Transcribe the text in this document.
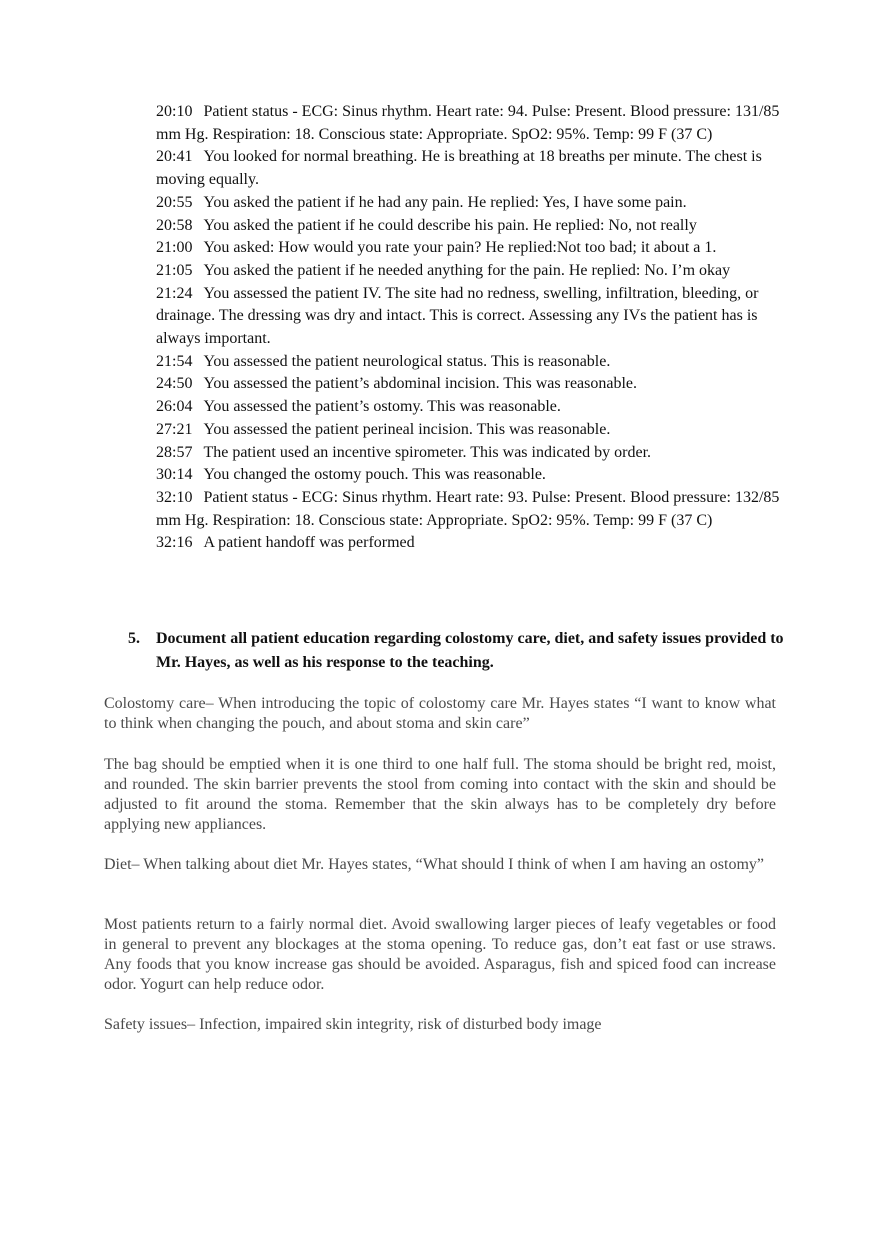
20:10 Patient status - ECG: Sinus rhythm. Heart rate: 94. Pulse: Present. Blood pressure: 131/85 mm Hg. Respiration: 18. Conscious state: Appropriate. SpO2: 95%. Temp: 99 F (37 C)

20:41 You looked for normal breathing. He is breathing at 18 breaths per minute. The chest is moving equally.

20:55 You asked the patient if he had any pain. He replied: Yes, I have some pain.

20:58 You asked the patient if he could describe his pain. He replied: No, not really

21:00 You asked: How would you rate your pain? He replied:Not too bad; it about a 1.

21:05 You asked the patient if he needed anything for the pain. He replied: No. I’m okay

21:24 You assessed the patient IV. The site had no redness, swelling, infiltration, bleeding, or drainage. The dressing was dry and intact. This is correct. Assessing any IVs the patient has is always important.

21:54 You assessed the patient neurological status. This is reasonable.

24:50 You assessed the patient’s abdominal incision. This was reasonable.

26:04 You assessed the patient’s ostomy. This was reasonable.

27:21 You assessed the patient perineal incision. This was reasonable.

28:57 The patient used an incentive spirometer. This was indicated by order.

30:14 You changed the ostomy pouch. This was reasonable.

32:10 Patient status - ECG: Sinus rhythm. Heart rate: 93. Pulse: Present. Blood pressure: 132/85 mm Hg. Respiration: 18. Conscious state: Appropriate. SpO2: 95%. Temp: 99 F (37 C)

32:16 A patient handoff was performed

5.	Document all patient education regarding colostomy care, diet, and safety issues provided to Mr. Hayes, as well as his response to the teaching.

Colostomy care– When introducing the topic of colostomy care Mr. Hayes states “I want to know what to think when changing the pouch, and about stoma and skin care”

The bag should be emptied when it is one third to one half full. The stoma should be bright red, moist, and rounded. The skin barrier prevents the stool from coming into contact with the skin and should be adjusted to fit around the stoma. Remember that the skin always has to be completely dry before applying new appliances.

Diet– When talking about diet Mr. Hayes states, “What should I think of when I am having an ostomy”

Most patients return to a fairly normal diet. Avoid swallowing larger pieces of leafy vegetables or food in general to prevent any blockages at the stoma opening. To reduce gas, don’t eat fast or use straws. Any foods that you know increase gas should be avoided. Asparagus, fish and spiced food can increase odor. Yogurt can help reduce odor.

Safety issues– Infection, impaired skin integrity, risk of disturbed body image
